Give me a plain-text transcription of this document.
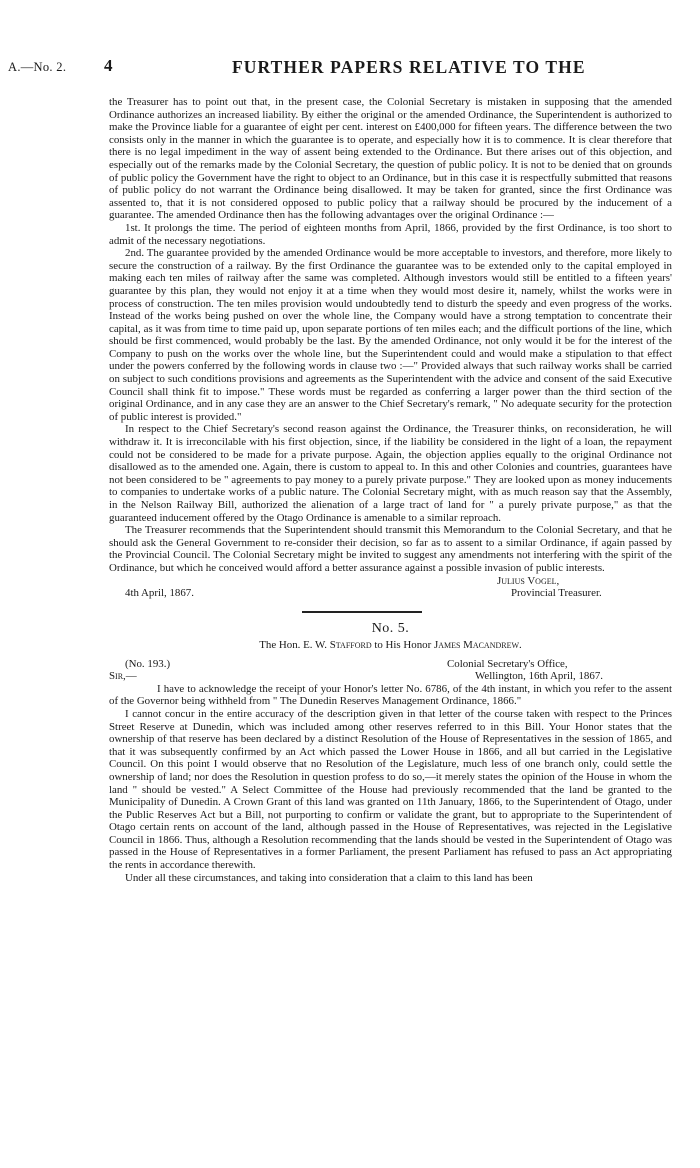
A.—No. 2. 4	FURTHER PAPERS RELATIVE TO THE

the Treasurer has to point out that, in the present case, the Colonial Secretary is mistaken in supposing that the amended Ordinance authorizes an increased liability. By either the original or the amended Ordinance, the Superintendent is authorized to make the Province liable for a guarantee of eight per cent. interest on £400,000 for fifteen years. The difference between the two consists only in the manner in which the guarantee is to operate, and especially how it is to commence. It is clear therefore that there is no legal impediment in the way of assent being extended to the Ordinance. But there arises out of this objection, and especially out of the remarks made by the Colonial Secretary, the question of public policy. It is not to be denied that on grounds of public policy the Government have the right to object to an Ordinance, but in this case it is respectfully submitted that reasons of public policy do not warrant the Ordinance being disallowed. It may be taken for granted, since the first Ordinance was assented to, that it is not considered opposed to public policy that a railway should be procured by the inducement of a guarantee. The amended Ordinance then has the following advantages over the original Ordinance :—

1st. It prolongs the time. The period of eighteen months from April, 1866, provided by the first Ordinance, is too short to admit of the necessary negotiations.

2nd. The guarantee provided by the amended Ordinance would be more acceptable to investors, and therefore, more likely to secure the construction of a railway. By the first Ordinance the guarantee was to be extended only to the capital employed in making each ten miles of railway after the same was completed. Although investors would still be entitled to a fifteen years' guarantee by this plan, they would not enjoy it at a time when they would most desire it, namely, whilst the works were in process of construction. The ten miles provision would undoubtedly tend to disturb the speedy and even progress of the works. Instead of the works being pushed on over the whole line, the Company would have a strong temptation to concentrate their capital, as it was from time to time paid up, upon separate portions of ten miles each; and the difficult portions of the line, which should be first commenced, would probably be the last. By the amended Ordinance, not only would it be for the interest of the Company to push on the works over the whole line, but the Superintendent could and would make a stipulation to that effect under the powers conferred by the following words in clause two :—" Provided always that such railway works shall be carried on subject to such conditions provisions and agreements as the Superintendent with the advice and consent of the said Executive Council shall think fit to impose." These words must be regarded as conferring a larger power than the third section of the original Ordinance, and in any case they are an answer to the Chief Secretary's remark, " No adequate security for the protection of public interest is provided."

In respect to the Chief Secretary's second reason against the Ordinance, the Treasurer thinks, on reconsideration, he will withdraw it. It is irreconcilable with his first objection, since, if the liability be considered in the light of a loan, the repayment could not be considered to be made for a private purpose. Again, the objection applies equally to the original Ordinance not disallowed as to the amended one. Again, there is custom to appeal to. In this and other Colonies and countries, guarantees have not been considered to be " agreements to pay money to a purely private purpose." They are looked upon as money inducements to companies to undertake works of a public nature. The Colonial Secretary might, with as much reason say that the Assembly, in the Nelson Railway Bill, authorized the alienation of a large tract of land for " a purely private purpose," as that the guaranteed inducement offered by the Otago Ordinance is amenable to a similar reproach.

The Treasurer recommends that the Superintendent should transmit this Memorandum to the Colonial Secretary, and that he should ask the General Government to re-consider their decision, so far as to assent to a similar Ordinance, if again passed by the Provincial Council. The Colonial Secretary might be invited to suggest any amendments not interfering with the spirit of the Ordinance, but which he conceived would afford a better assurance against a possible invasion of public interests.

Julius Vogel,
4th April, 1867.	Provincial Treasurer.
No. 5.
The Hon. E. W. Stafford to His Honor James Macandrew.
(No. 193.)	Colonial Secretary's Office,
Sir,—	Wellington, 16th April, 1867.

I have to acknowledge the receipt of your Honor's letter No. 6786, of the 4th instant, in which you refer to the assent of the Governor being withheld from " The Dunedin Reserves Management Ordinance, 1866."

I cannot concur in the entire accuracy of the description given in that letter of the course taken with respect to the Princes Street Reserve at Dunedin, which was included among other reserves referred to in this Bill. Your Honor states that the ownership of that reserve has been declared by a distinct Resolution of the House of Representatives in the session of 1865, and that it was subsequently confirmed by an Act which passed the Lower House in 1866, and all but carried in the Legislative Council. On this point I would observe that no Resolution of the Legislature, much less of one branch only, could settle the ownership of land; nor does the Resolution in question profess to do so,—it merely states the opinion of the House in whom the land " should be vested." A Select Committee of the House had previously recommended that the land be granted to the Municipality of Dunedin. A Crown Grant of this land was granted on 11th January, 1866, to the Superintendent of Otago, under the Public Reserves Act but a Bill, not purporting to confirm or validate the grant, but to appropriate to the Superintendent of Otago certain rents on account of the land, although passed in the House of Representatives, was rejected in the Legislative Council in 1866. Thus, although a Resolution recommending that the lands should be vested in the Superintendent of Otago was passed in the House of Representatives in a former Parliament, the present Parliament has refused to pass an Act appropriating the rents in accordance therewith.

Under all these circumstances, and taking into consideration that a claim to this land has been
